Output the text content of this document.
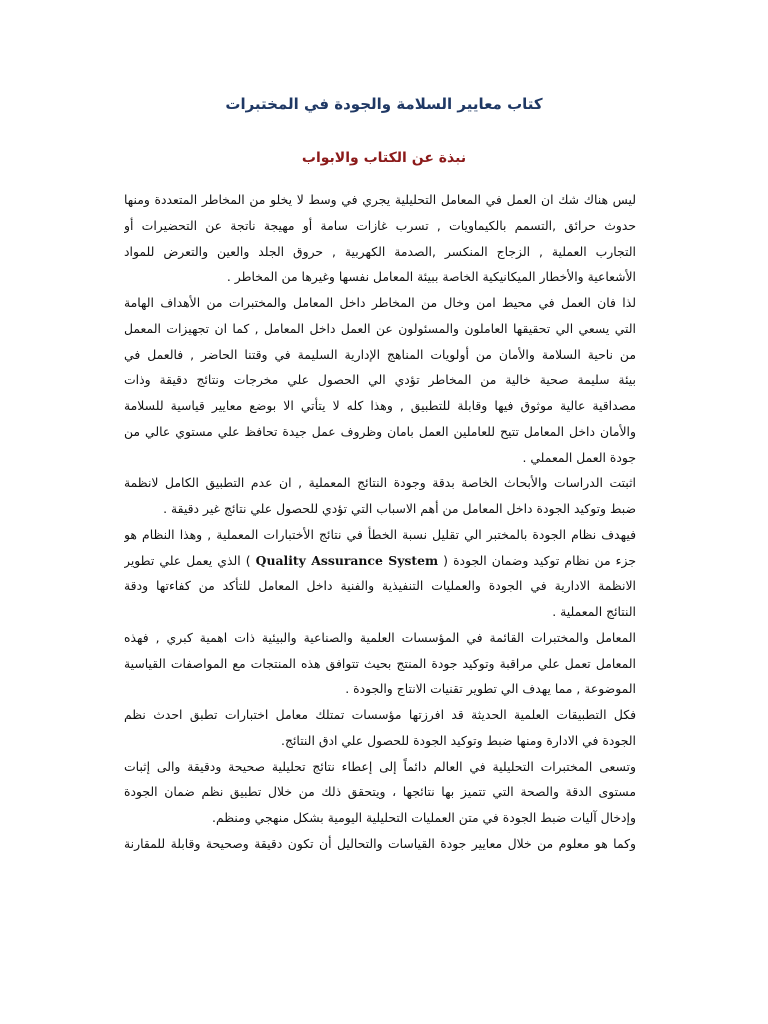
كتاب معايير السلامة والجودة في المختبرات
نبذة عن الكتاب والابواب
ليس هناك شك ان العمل في المعامل التحليلية يجري في وسط لا يخلو من المخاطر المتعددة ومنها
حدوث حرائق ,التسمم بالكيماويات , تسرب غازات سامة أو مهيجة ناتجة عن التحضيرات أو
التجارب العملية , الزجاج المنكسر ,الصدمة الكهربية , حروق الجلد والعين والتعرض للمواد
الأشعاعية والأخطار الميكانيكية الخاصة ببيئة المعامل نفسها وغيرها من المخاطر .
لذا فان العمل في محيط امن وخال من المخاطر داخل المعامل والمختبرات من الأهداف الهامة
التي يسعي الي تحقيقها العاملون والمسئولون عن العمل داخل المعامل , كما ان تجهيزات المعمل
من ناحية السلامة والأمان من أولويات المناهج الإدارية السليمة في وقتنا الحاضر , فالعمل في
بيئة سليمة صحية خالية من المخاطر تؤدي الي الحصول علي مخرجات ونتائج دقيقة وذات
مصداقية عالية موثوق فيها وقابلة للتطبيق , وهذا كله لا يتأتي الا بوضع معايير قياسية للسلامة
والأمان داخل المعامل تتيح للعاملين العمل بامان وظروف عمل جيدة تحافظ علي مستوي عالي من
جودة العمل المعملي .
اثبتت الدراسات والأبحاث الخاصة بدقة وجودة النتائج المعملية , ان عدم التطبيق الكامل لانظمة
ضبط وتوكيد الجودة داخل المعامل من أهم الاسباب التي تؤدي للحصول علي نتائج غير دقيقة .
فيهدف نظام الجودة بالمختبر الي تقليل نسبة الخطأ في نتائج الأختبارات المعملية , وهذا النظام هو
جزء من نظام توكيد وضمان الجودة ( Quality Assurance System ) الذي يعمل علي تطوير
الانظمة الادارية في الجودة والعمليات التنفيذية والفنية داخل المعامل للتأكد من كفاءتها ودقة
النتائج المعملية .
المعامل والمختبرات القائمة في المؤسسات العلمية والصناعية والبيئية ذات اهمية كبري , فهذه
المعامل تعمل علي مراقبة وتوكيد جودة المنتج بحيث تتوافق هذه المنتجات مع المواصفات القياسية
الموضوعة , مما يهدف الي تطوير تقنيات الانتاج والجودة .
فكل التطبيقات العلمية الحديثة قد افرزتها مؤسسات تمتلك معامل اختبارات تطبق احدث نظم
الجودة في الادارة ومنها ضبط وتوكيد الجودة للحصول علي ادق النتائج.
وتسعى المختبرات التحليلية في العالم دائماً إلى إعطاء نتائج تحليلية صحيحة ودقيقة والى إثبات
مستوى الدقة والصحة التي تتميز بها نتائجها ، ويتحقق ذلك من خلال تطبيق نظم ضمان الجودة
وإدخال آليات ضبط الجودة في متن العمليات التحليلية اليومية بشكل منهجي ومنظم.
وكما هو معلوم من خلال معايير جودة القياسات والتحاليل أن تكون دقيقة وصحيحة وقابلة للمقارنة
